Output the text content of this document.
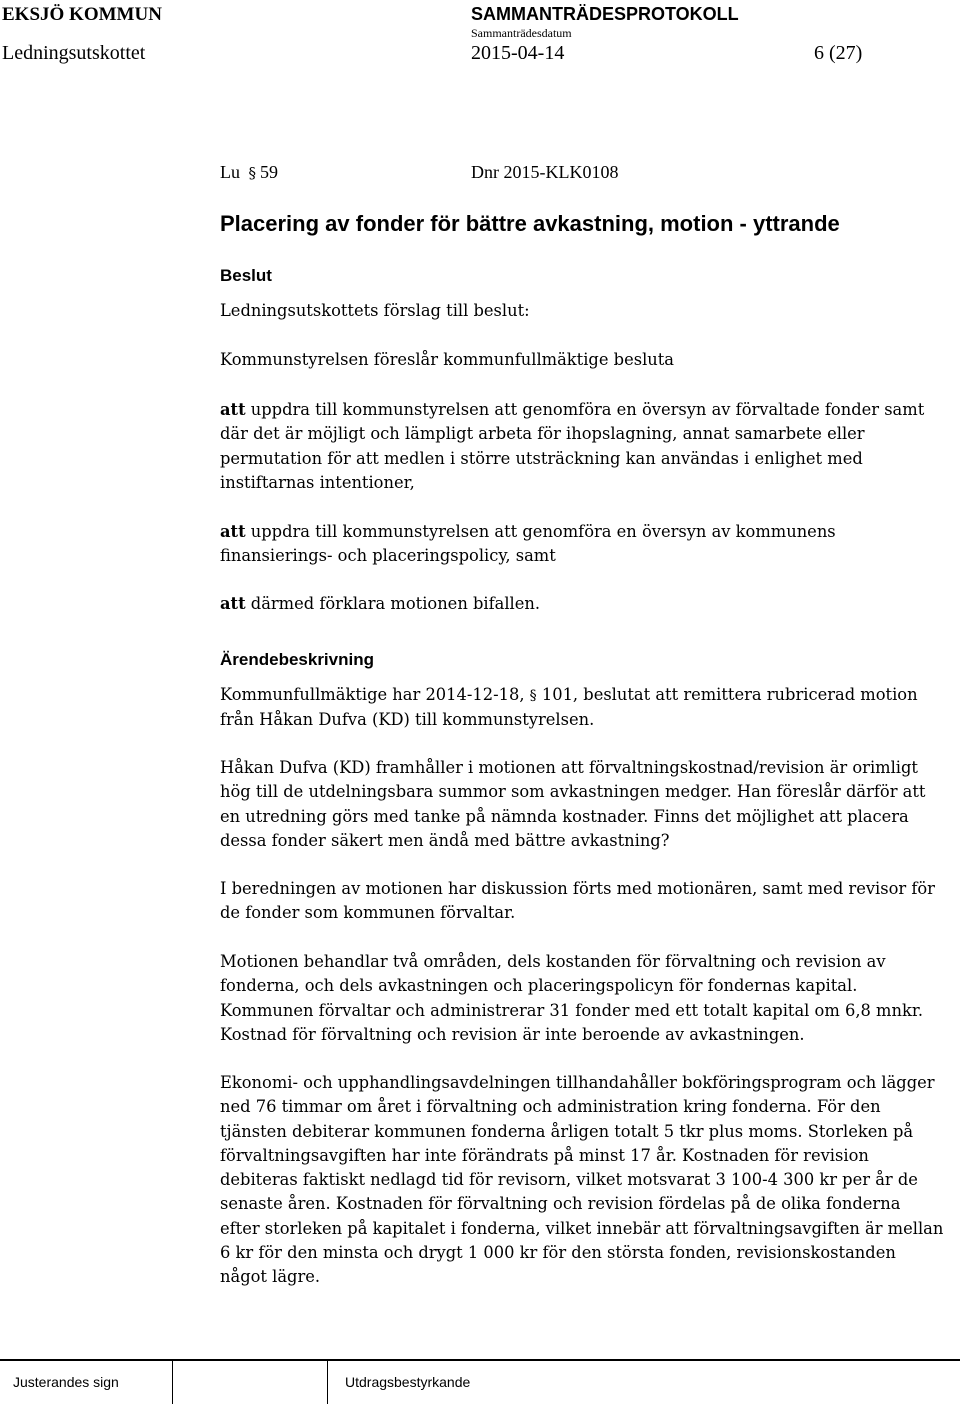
EKSJÖ KOMMUN	SAMMANTRÄDESPROTOKOLL
Sammanträdesdatum
Ledningsutskottet	2015-04-14	6 (27)
Lu § 59	Dnr 2015-KLK0108
Placering av fonder för bättre avkastning, motion - yttrande
Beslut
Ledningsutskottets förslag till beslut:
Kommunstyrelsen föreslår kommunfullmäktige besluta
att uppdra till kommunstyrelsen att genomföra en översyn av förvaltade fonder samt
där det är möjligt och lämpligt arbeta för ihopslagning, annat samarbete eller
permutation för att medlen i större utsträckning kan användas i enlighet med
instiftarnas intentioner,
att uppdra till kommunstyrelsen att genomföra en översyn av kommunens
finansierings- och placeringspolicy, samt
att därmed förklara motionen bifallen.
Ärendebeskrivning
Kommunfullmäktige har 2014-12-18, § 101, beslutat att remittera rubricerad motion
från Håkan Dufva (KD) till kommunstyrelsen.
Håkan Dufva (KD) framhåller i motionen att förvaltningskostnad/revision är orimligt
hög till de utdelningsbara summor som avkastningen medger. Han föreslår därför att
en utredning görs med tanke på nämnda kostnader. Finns det möjlighet att placera
dessa fonder säkert men ändå med bättre avkastning?
I beredningen av motionen har diskussion förts med motionären, samt med revisor för
de fonder som kommunen förvaltar.
Motionen behandlar två områden, dels kostanden för förvaltning och revision av
fonderna, och dels avkastningen och placeringspolicyn för fondernas kapital.
Kommunen förvaltar och administrerar 31 fonder med ett totalt kapital om 6,8 mnkr.
Kostnad för förvaltning och revision är inte beroende av avkastningen.
Ekonomi- och upphandlingsavdelningen tillhandahåller bokföringsprogram och lägger
ned 76 timmar om året i förvaltning och administration kring fonderna. För den
tjänsten debiterar kommunen fonderna årligen totalt 5 tkr plus moms. Storleken på
förvaltningsavgiften har inte förändrats på minst 17 år. Kostnaden för revision
debiteras faktiskt nedlagd tid för revisorn, vilket motsvarat 3 100-4 300 kr per år de
senaste åren. Kostnaden för förvaltning och revision fördelas på de olika fonderna
efter storleken på kapitalet i fonderna, vilket innebär att förvaltningsavgiften är mellan
6 kr för den minsta och drygt 1 000 kr för den största fonden, revisionskostanden
något lägre.
Justerandes sign	Utdragsbestyrkande
